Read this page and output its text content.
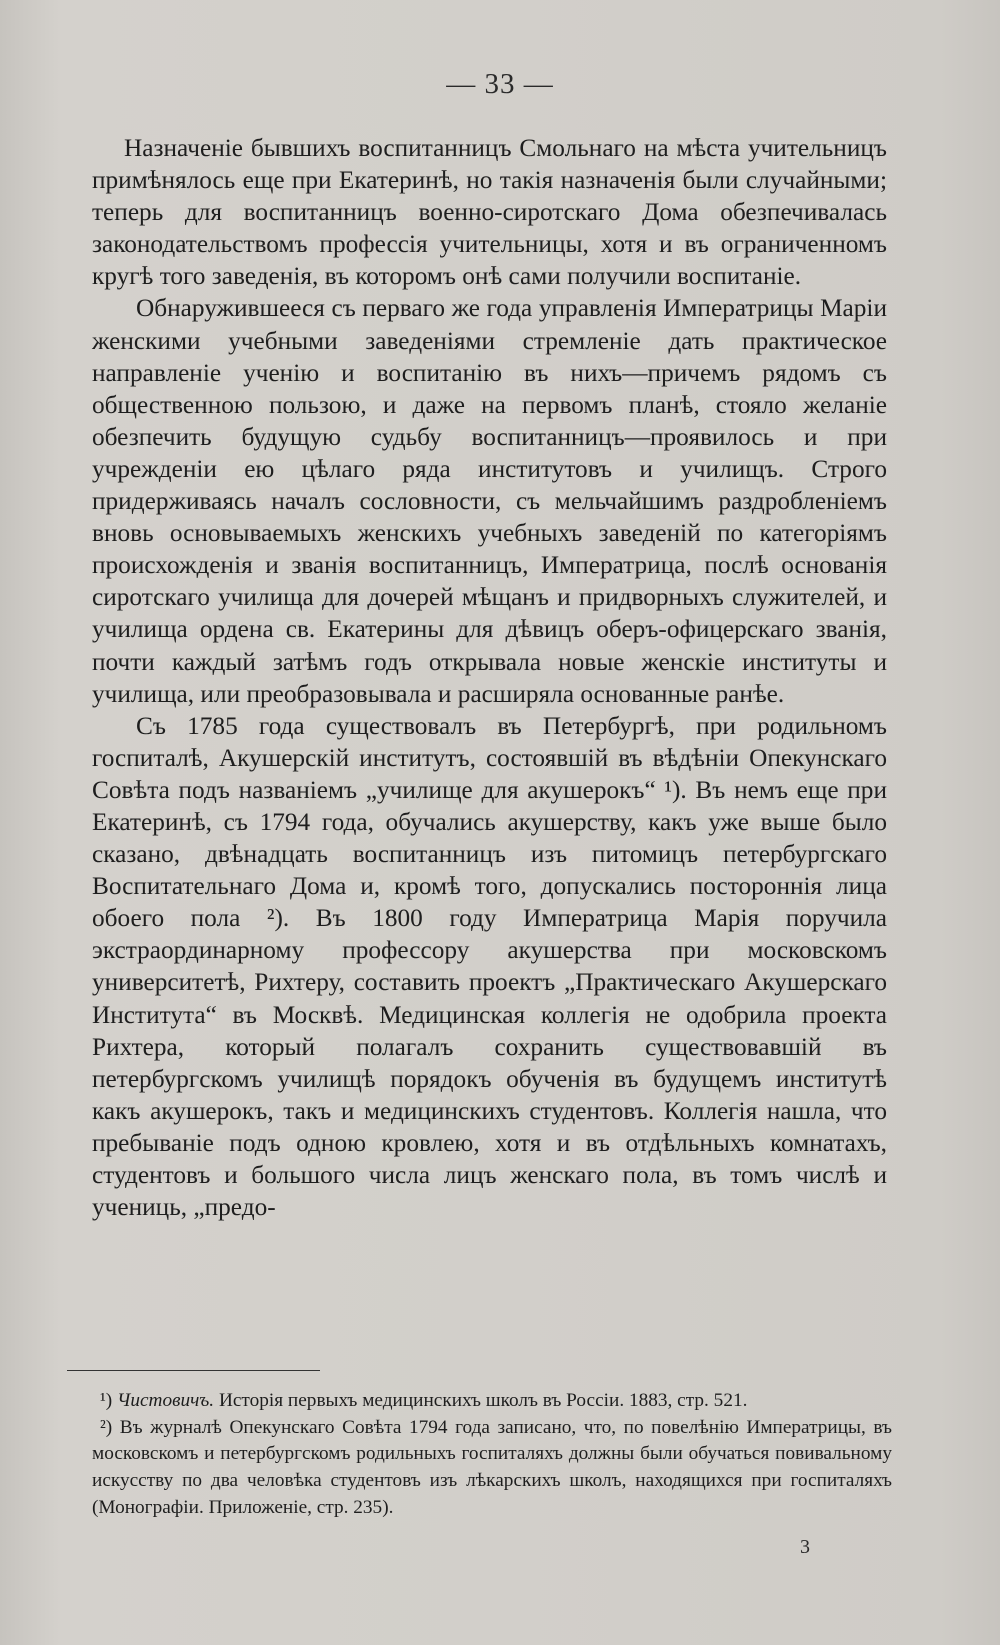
— 33 —

Назначеніе бывшихъ воспитанницъ Смольнаго на мѣста учительницъ примѣнялось еще при Екатеринѣ, но такія назначенія были случайными; теперь для воспитанницъ военно-сиротскаго Дома обезпечивалась законодательствомъ профессія учительницы, хотя и въ ограниченномъ кругѣ того заведенія, въ которомъ онѣ сами получили воспитаніе.

Обнаружившееся съ перваго же года управленія Императрицы Маріи женскими учебными заведеніями стремленіе дать практическое направленіе ученію и воспитанію въ нихъ—причемъ рядомъ съ общественною пользою, и даже на первомъ планѣ, стояло желаніе обезпечить будущую судьбу воспитанницъ—проявилось и при учрежденіи ею цѣлаго ряда институтовъ и училищъ. Строго придерживаясь началъ сословности, съ мельчайшимъ раздробленіемъ вновь основываемыхъ женскихъ учебныхъ заведеній по категоріямъ происхожденія и званія воспитанницъ, Императрица, послѣ основанія сиротскаго училища для дочерей мѣщанъ и придворныхъ служителей, и училища ордена св. Екатерины для дѣвицъ оберъ-офицерскаго званія, почти каждый затѣмъ годъ открывала новые женскіе институты и училища, или преобразовывала и расширяла основанные ранѣе.

Съ 1785 года существовалъ въ Петербургѣ, при родильномъ госпиталѣ, Акушерскій институтъ, состоявшій въ вѣдѣніи Опекунскаго Совѣта подъ названіемъ „училище для акушерокъ“ ¹). Въ немъ еще при Екатеринѣ, съ 1794 года, обучались акушерству, какъ уже выше было сказано, двѣнадцать воспитанницъ изъ питомицъ петербургскаго Воспитательнаго Дома и, кромѣ того, допускались постороннія лица обоего пола ²). Въ 1800 году Императрица Марія поручила экстраординарному профессору акушерства при московскомъ университетѣ, Рихтеру, составить проектъ „Практическаго Акушерскаго Института“ въ Москвѣ. Медицинская коллегія не одобрила проекта Рихтера, который полагалъ сохранить существовавшій въ петербургскомъ училищѣ порядокъ обученія въ будущемъ институтѣ какъ акушерокъ, такъ и медицинскихъ студентовъ. Коллегія нашла, что пребываніе подъ одною кровлею, хотя и въ отдѣльныхъ комнатахъ, студентовъ и большого числа лицъ женскаго пола, въ томъ числѣ и учениць, „предо-

¹) Чистовичъ. Исторія первыхъ медицинскихъ школъ въ Россіи. 1883, стр. 521.

²) Въ журналѣ Опекунскаго Совѣта 1794 года записано, что, по повелѣнію Императрицы, въ московскомъ и петербургскомъ родильныхъ госпиталяхъ должны были обучаться повивальному искусству по два человѣка студентовъ изъ лѣкарскихъ школъ, находящихся при госпиталяхъ (Монографіи. Приложеніе, стр. 235).

3
